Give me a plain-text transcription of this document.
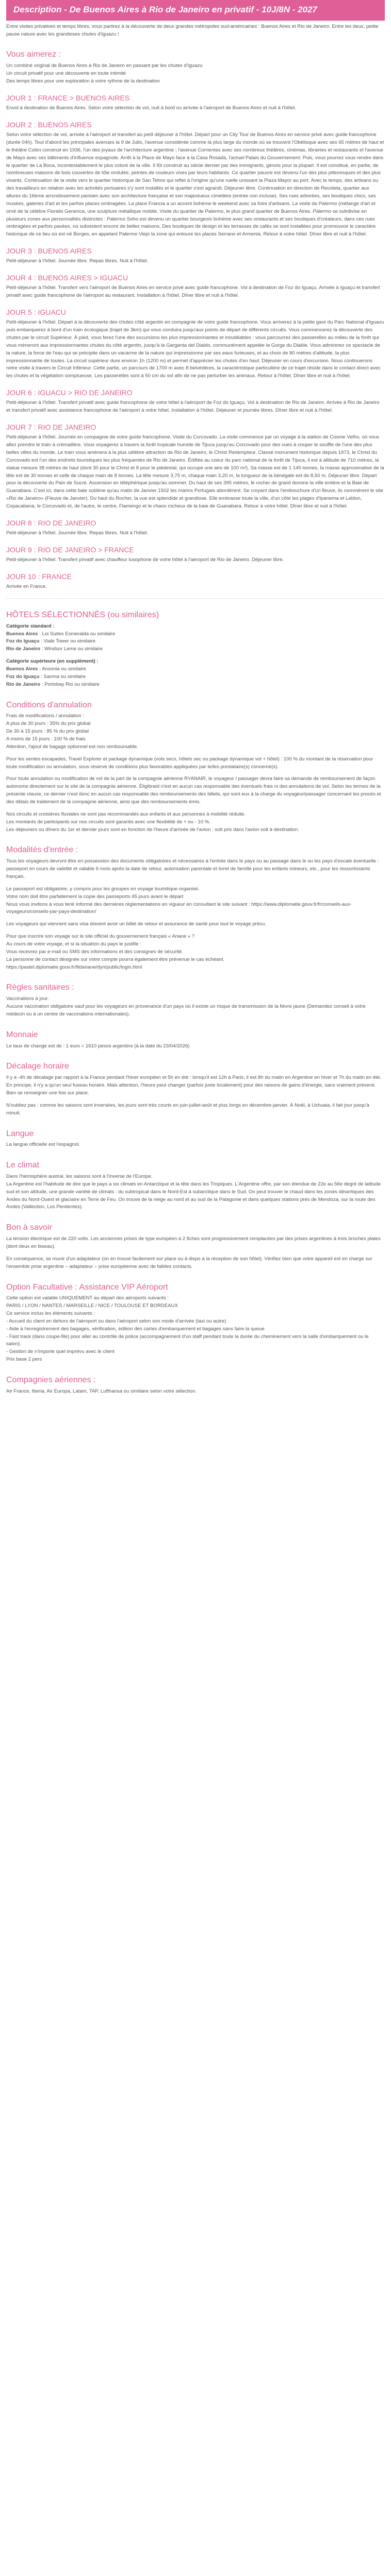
Description - De Buenos Aires à Rio de Janeiro en privatif - 10J/8N - 2027

Entre visites privatives et temps libres, vous partirez à la découverte de deux grandes métropoles sud-américaines : Buenos Aires et Rio de Janeiro. Entre les deux, petite pause nature avec les grandioses chutes d'Iguazu !

Vous aimerez :

Un combiné original de Buenos Aires à Rio de Janeiro en passant par les chutes d'Iguazu
Un circuit privatif pour une découverte en toute intimité
Des temps libres pour une exploration à votre rythme de la destination

JOUR 1 : FRANCE > BUENOS AIRES

Envol à destination de Buenos Aires. Selon votre sélection de vol, nuit à bord ou arrivée à l'aéroport de Buenos Aires et nuit à l'hôtel.

JOUR 2 : BUENOS AIRES

Selon votre sélection de vol, arrivée à l'aéroport et transfert au petit déjeuner à l'hôtel. Départ pour un City Tour de Buenos Aires en service privé avec guide francophone (durée 04h). Tout d'abord les principales avenues la 9 de Julio, l'avenue considérée comme la plus large du monde où se trouvent l'Obélisque avec ses 65 mètres de haut et le théâtre Colón construit en 1936, l'un des joyaux de l'architecture argentine ; l'avenue Corrientes avec ses nombreux théâtres, cinémas, librairies et restaurants et l'avenue de Mayo avec ses bâtiments d'influence espagnole. Arrêt à la Place de Mayo face à la Casa Rosada, l'actuel Palais du Gouvernement. Puis, vous pourrez vous rendre dans le quartier de La Boca, incontestablement le plus coloré de la ville. Il fût construit au siècle dernier par des immigrants, génois pour la plupart. Il est constitué, en partie, de nombreuses maisons de bois couvertes de tôle ondulée, peintes de couleurs vives par leurs habitants. Ce quartier pauvre est devenu l'un des plus pittoresques et des plus vivants. Continuation de la visite vers le quartier historique de San Telmo qui reflet à l'origine qu'une ruelle unissant la Plaza Mayor au port. Avec le temps, des artisans ou des travailleurs en relation avec les activités portuaires s'y sont installés et le quartier s'est agrandi. Déjeuner libre. Continuation en direction de Recoleta, quartier aux allures du 16ème arrondissement parisien avec son architecture française et son majestueux cimetière (entrée non incluse). Ses rues arborées, ses boutiques chics, ses musées, galeries d'art et les parfois places ombragées. La place Francia a un accent bohème le weekend avec sa foire d'artisans. La visite de Palermo (mélange d'art et orné de la célèbre Floralis Generica, une sculpture métallique mobile. Visite du quartier de Palermo, le plus grand quartier de Buenos Aires. Palermo se subdivise en plusieurs zones aux personnalités distinctes : Palermo Soho est devenu un quartier bourgeois bohème avec ses restaurants et ses boutiques d'créateurs, dans ces rues ombragées et parfois pavées, où subsistent encore de belles maisons. Des boutiques de design et les terrasses de cafés se sont installées pour promouvoir le caractère historique de ce lieu où est né Borges, en appelant Palermo Viejo la zone qui entoure les places Serrano et Armenia. Retour à votre hôtel. Dîner libre et nuit à l'hôtel.

JOUR 3 : BUENOS AIRES

Petit-déjeuner à l'hôtel. Journée libre. Repas libres. Nuit à l'hôtel.

JOUR 4 : BUENOS AIRES > IGUACU

Petit-déjeuner à l'hôtel. Transfert vers l'aéroport de Buenos Aires en service privé avec guide francophone. Vol à destination de Foz do Iguaçu. Arrivée à Iguaçu et transfert privatif avec guide francophone de l'aéroport au restaurant. Installation à l'hôtel. Dîner libre et nuit à l'hôtel.

JOUR 5 : IGUACU

Petit-déjeuner à l'hôtel. Départ à la découverte des chutes côté argentin en compagnie de votre guide francophone. Vous arriverez à la petite gare du Parc National d'Iguazu puis embarquerez à bord d'un train écologique (trajet de 3km) qui vous conduira jusqu'aux points de départ de différents circuits. Vous commencerez la découverte des chutes par le circuit Supérieur. À pied, vous ferez l'une des excursions les plus impressionnantes et inoubliables : vous parcourrez des passerelles au milieu de la forêt qui vous mèneront aux impressionnantes chutes du côté argentin, jusqu'à la Garganta del Diablo, communément appelée la Gorge du Diable. Vous admirerez ce spectacle de la nature, la force de l'eau qui se précipite dans un vacarme de la nature qui impressionne par ses eaux furieuses, et au choix de 80 mètres d'altitude, la plus impressionnante de toutes. La circuit supérieur dure environ 1h (1200 m) et permet d'apprécier les chutes d'en haut. Déjeuner en cours d'excursion. Nous continuerons notre visite à travers le Circuit Inférieur. Cette partie, un parcours de 1700 m avec 8 belvédères, la caractéristique particulière de ce trajet réside dans le contact direct avec les chutes et la végétation somptueuse. Les passerelles sont à 50 cm du sol afin de ne pas perturber les animaux. Retour à l'hôtel. Dîner libre et nuit à l'hôtel.

JOUR 6 : IGUACU > RIO DE JANEIRO

Petit-déjeuner à l'hôtel. Transfert privatif avec guide francophone de votre hôtel à l'aéroport de Foz do Iguaçu. Vol à destination de Rio de Janeiro. Arrivée à Rio de Janeiro et transfert privatif avec assistance francophone de l'aéroport à votre hôtel. Installation à l'hôtel. Déjeuner et journée libres. Dîner libre et nuit à l'hôtel.

JOUR 7 : RIO DE JANEIRO

Petit-déjeuner à l'hôtel. Journée en compagnie de votre guide francophone. Visite du Corcovado. La visite commence par un voyage à la station de Cosme Velho, où vous allez prendre le train à crémaillère. Vous voyagerez à travers la forêt tropicale humide de Tijuca jusqu'au Corcovado pour des vues à couper le souffle de l'une des plus belles villes du monde. Le train vous amènera à la plus célèbre attraction de Rio de Janeiro, le Christ Rédempteur. Classé monument historique depuis 1973, le Christ du Corcovado est l'un des endroits touristiques les plus fréquentés de Rio de Janeiro. Édifiée au coeur du parc national de la forêt de Tijuca, il est à altitude de 710 mètres, la statue mesure 38 mètres de haut (dont 30 pour le Christ et 8 pour le piédestal, qui occupe une aire de 100 m²). Sa masse est de 1 145 tonnes, la masse approximative de la tête est de 30 tonnes et celle de chaque main de 8 tonnes. La tête mesure 3,75 m, chaque main 3,20 m, la longueur de la bénégale est de 8,50 m. Déjeuner libre. Départ pour la découverte du Pain de Sucre. Ascension en téléphérique jusqu'au sommet. Du haut de ses 395 mètres, le rocher de granit domine la ville entière et la Baie de Guanabara. C'est ici, dans cette baie sublime qu'au matin de Janvier 1502 les marins Portugais abordèrent. Se croyant dans l'embouchure d'un fleuve, ils nommèrent le site «Rio de Janeiro» (Fleuve de Janvier). Du haut du Rocher, la vue est splendide et grandiose. Elle embrasse toute la ville, d'un côté les plages d'Ipanema et Leblon, Copacabana, le Corcovado et, de l'autre, le centre, Flamengo et le chaos rocheux de la baie de Guanabara. Retour à votre hôtel. Dîner libre et nuit à l'hôtel.

JOUR 8 : RIO DE JANEIRO

Petit-déjeuner à l'hôtel. Journée libre. Repas libres. Nuit à l'hôtel.

JOUR 9 : RIO DE JANEIRO > FRANCE

Petit-déjeuner à l'hôtel. Transfert privatif avec chauffeur lusophone de votre hôtel à l'aéroport de Rio de Janeiro. Déjeuner libre.

JOUR 10 : FRANCE

Arrivée en France.

HÔTELS SÉLECTIONNÉS (ou similaires)

Catégorie standard :
Buenos Aires : Loi Suites Esmeralda ou similaire
Foz do Iguaçu : Viale Tower ou similaire
Rio de Janeiro : Windsor Leme ou similaire

Catégorie supérieure (en supplément) :
Buenos Aires : Ansonia ou similaire
Foz do Iguaçu : Sanma ou similaire
Rio de Janeiro : Portobay Rio ou similaire

Conditions d'annulation

Frais de modifications / annulation :
A plus de 30 jours : 35% du prix global
De 30 à 15 jours : 85 % du prix global
A moins de 15 jours : 100 % de frais
Attention, l'ajout de bagage optionnel est non remboursable.

Pour les ventes escapades, Travel Explorer et package dynamique (vols secs, hôtels sec ou package dynamique vol + hôtel) : 100 % du montant de la réservation pour toute modification ou annulation, sous réserve de conditions plus favorables appliquées par le/les prestataire(s) concerné(s).

Pour toute annulation ou modification de vol de la part de la compagnie aérienne RYANAIR, le voyageur / passager devra faire sa demande de remboursement de façon autonome directement sur le site de la compagnie aérienne. Éligibraid n'est en aucun cas responsable des éventuels frais ni des annulations de vol. Selon les termes de la présente clause, ce dernier n'est donc en aucun cas responsable des remboursements des billets, qui sont eux à la charge du voyageur/passager concernant les procès et des délais de traitement de la compagnie aérienne, ainsi que des remboursements émis.

Nos circuits et croisières fluviales ne sont pas recommandés aux enfants et aux personnes à mobilité réduite.
Les montants de participants sur nos circuits sont garantis avec une flexibilité de + ou - 10 %.
Les déjeuners ou dîners du 1er et dernier jours sont en fonction de l'heure d'arrivée de l'avion : soit pris dans l'avion soit à destination.

Modalités d'entrée :

Tous les voyageurs devront être en possession des documents obligatoires et nécessaires à l'entrée dans le pays ou au passage dans le ou les pays d'escale éventuelle : passeport en cours de validité et valable 6 mois après la date de retour, autorisation parentale et livret de famille pour les enfants mineurs, etc., pour les ressortissants français.

Le passeport est obligatoire, y compris pour les groupes en voyage touristique organisé.
Votre nom doit être parfaitement la copie des passeports 45 jours avant le départ
Nous vous invitons à vous tenir informé des dernières réglementations en vigueur en consultant le site suivant : https://www.diplomatie.gouv.fr/fr/conseils-aux-voyageurs/conseils-par-pays-destination/

Les voyageurs qui viennent sans visa doivent avoir un billet de retour et assurance de santé pour tout le voyage prévu.

Pour que inscrire son voyage sur le site officiel du gouvernement français « Ariane » ?
Au cours de votre voyage, et si la situation du pays le justifie :
Vous recevrez par e-mail ou SMS des informations et des consignes de sécurité.
La personne de contact désignée sur votre compte pourra également être prévenue le cas échéant.
https://pastel.diplomatie.gouv.fr/fildariane/dyn/public/login.html

Règles sanitaires :

Vaccinations à jour.
Aucune vaccination obligatoire sauf pour les voyageurs en provenance d'un pays où il existe un risque de transmission de la fièvre jaune (Demandez conseil à votre médecin ou à un centre de vaccinations internationales).

Monnaie

Le taux de change est de : 1 euro = 1610 pesos argentins (à la date du 23/04/2026)

Décalage horaire

Il y a -4h de décalage par rapport à la France pendant l'hiver européen et 5h en été : lorsqu'il est 12h à Paris, il est 8h du matin en Argentine en hiver et 7h du matin en été. En principe, il n'y a qu'un seul fuseau horaire. Mais attention, l'heure peut changer (parfois juste localement) pour des raisons de gains d'énergie, sans vraiment prévenir. Bien se renseigner une fois sur place.

N'oubliez pas : comme les saisons sont inversées, les jours sont très courts en juin-juillet-août et plus longs en décembre-janvier. À Noël, à Ushuaia, il fait jour jusqu'à minuit.

Langue

La langue officielle est l'espagnol.

Le climat

Dans l'hémisphère austral, les saisons sont à l'inverse de l'Europe.
La Argentine est l'habitude de dire que le pays a six climats en Antarctique et la tête dans les Tropiques. L'Argentine offre, par son étendue de 22e au 56e degré de latitude sud et son altitude, une grande variété de climats : du subtropical dans le Nord-Est à subarctique dans le Sud. On peut trouver le chaud dans les zones désertiques des Andes du Nord-Ouest et glaciaire en Terre de Feu. On trouve de la neige au nord et au sud de la Patagonie et dans quelques stations près de Mendoza, sur la route des Andes (Valleciton, Los Penitentes).

Bon à savoir

La tension électrique est de 220 volts. Les anciennes prises de type européen à 2 fiches sont progressivement remplacées par des prises argentines à trois broches plates (dont deux en biseau).

En conséquence, se munir d'un adaptateur (on en trouve facilement sur place ou à dispo à la réception de son hôtel). Vérifiez bien que votre appareil est en charge sur l'ensemble prise argentine – adaptateur – prise européenne avec de faibles contacts.

Option Facultative : Assistance VIP Aéroport

Cette option est valable UNIQUEMENT au départ des aéroports suivants :
PARIS / LYON / NANTES / MARSEILLE / NICE / TOULOUSE ET BORDEAUX
Ce service inclus les éléments suivants :
- Accueil du client en dehors de l'aéroport ou dans l'aéroport selon son mode d'arrivée (taxi ou autre)
- Aide à l'enregistrement des bagages, vérification, édition des cartes d'embarquement et bagages sans faire la queue
- Fast track (dans coupe-file) pour aller au contrôle de police (accompagnement d'un staff pendant toute la durée du cheminement vers la salle d'embarquement ou le salon).
- Gestion de n'importe quel imprévu avec le client
Prix base 2 pers

Compagnies aériennes :

Air France, Iberia, Air Europa, Latam, TAP, Lufthansa ou similaire selon votre sélection.
